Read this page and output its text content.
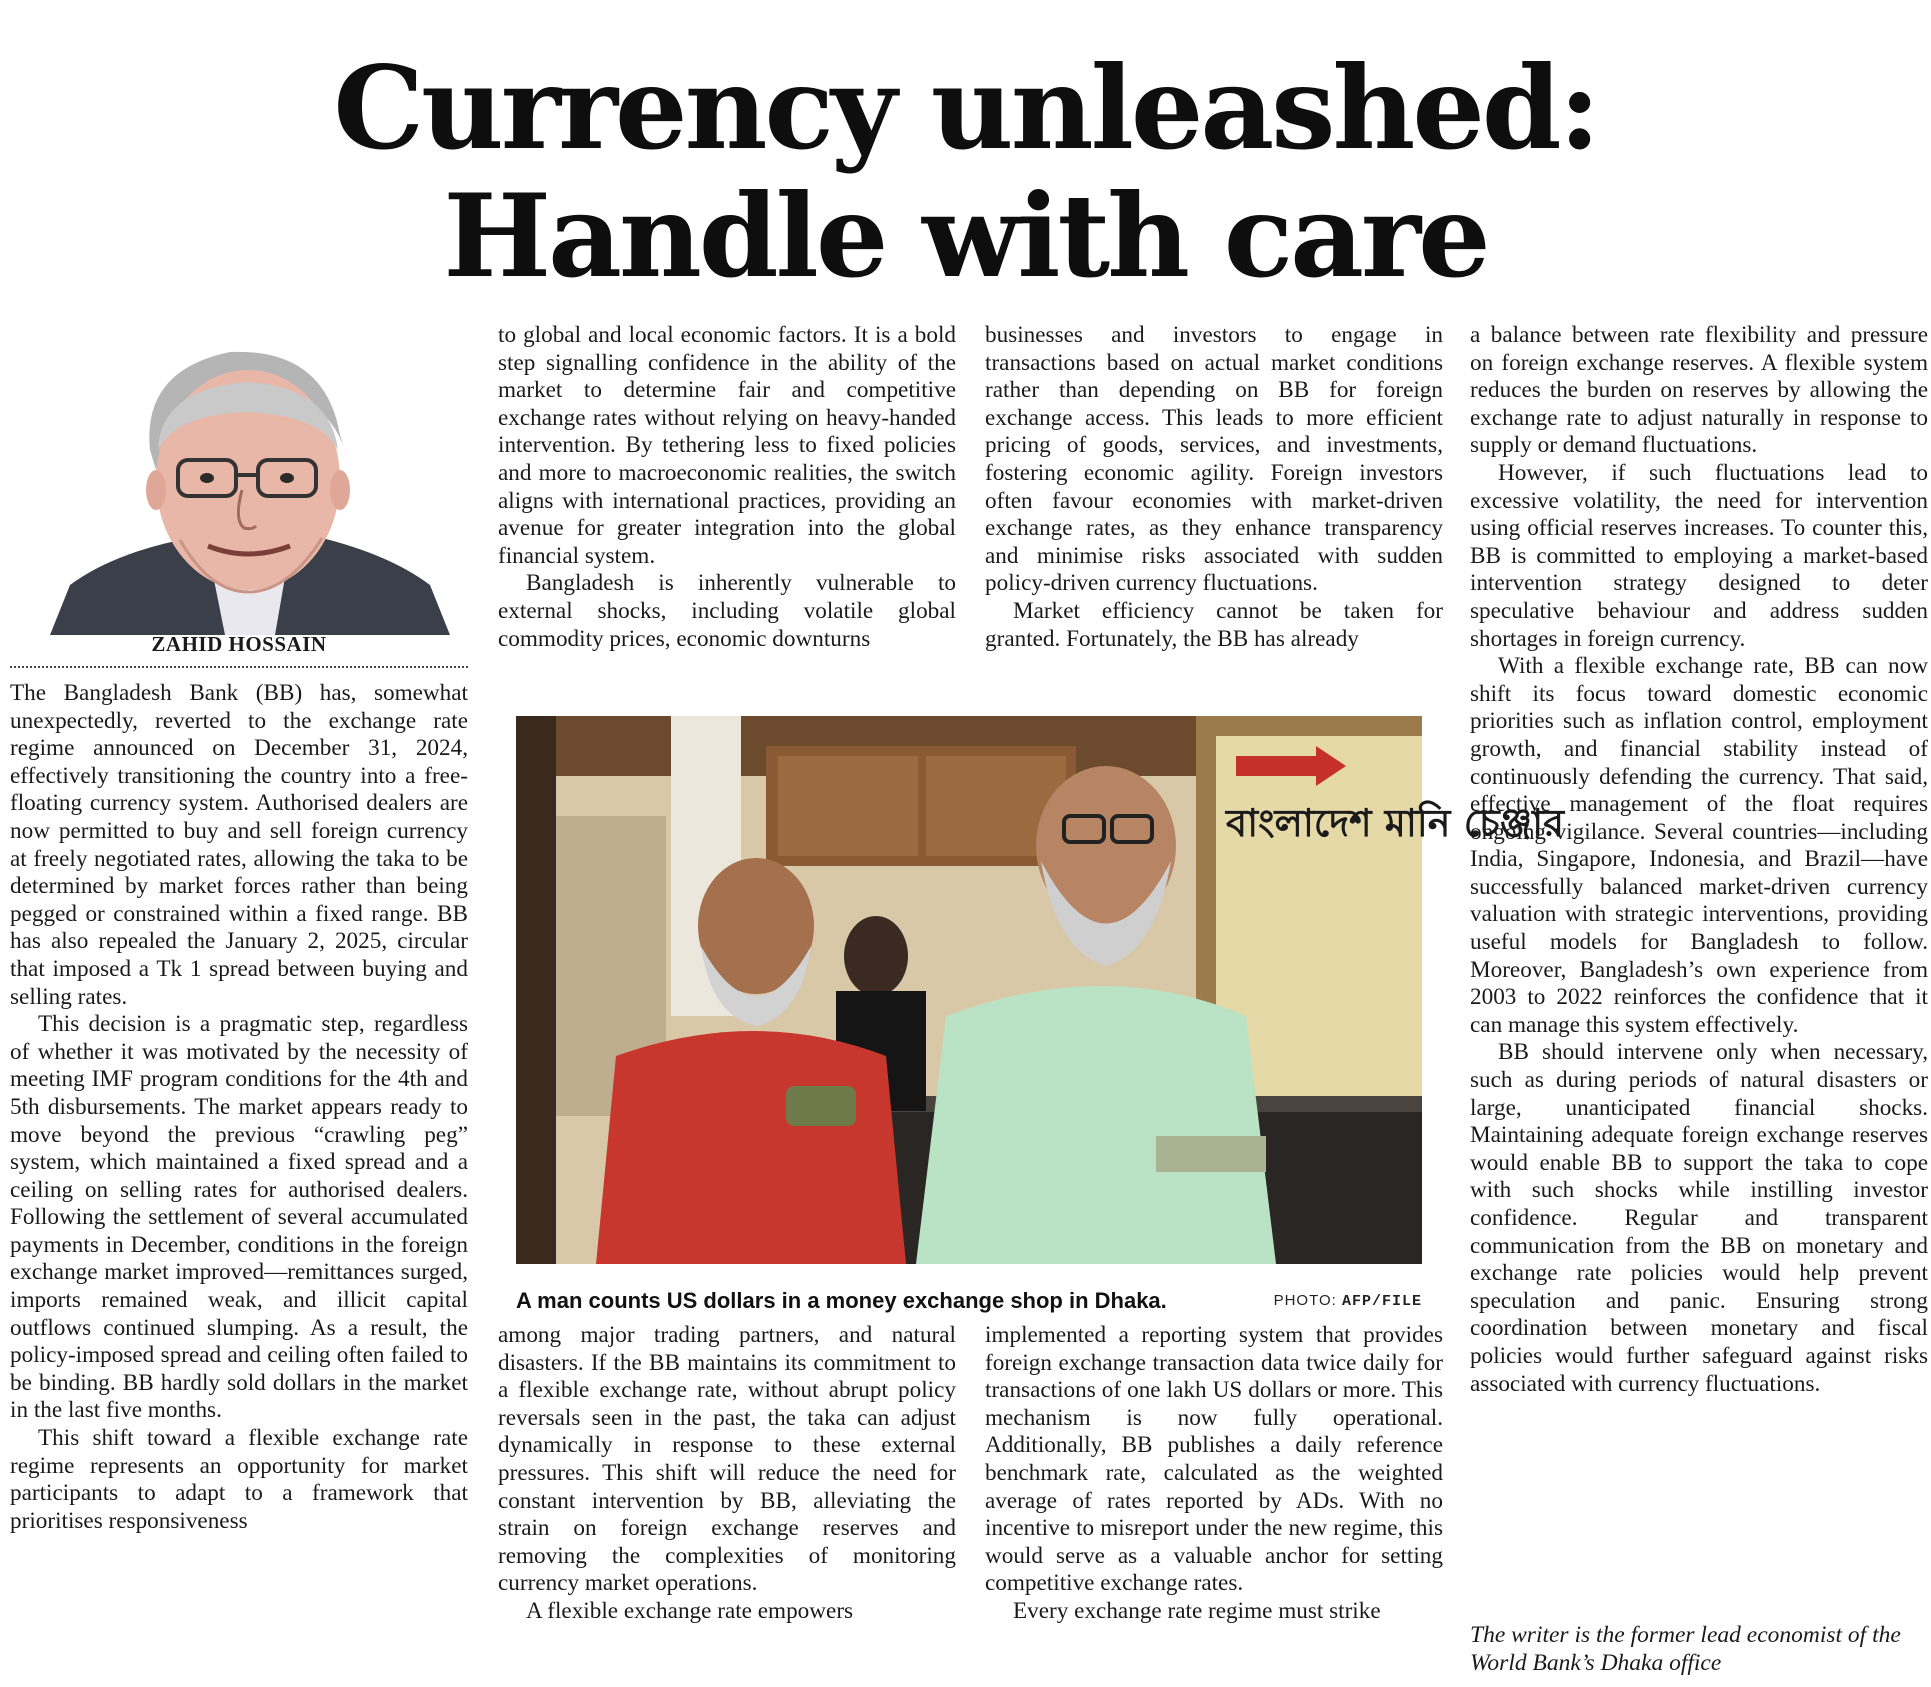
Currency unleashed:
Handle with care
ZAHID HOSSAIN

The Bangladesh Bank (BB) has, somewhat unexpectedly, reverted to the exchange rate regime announced on December 31, 2024, effectively transitioning the country into a free-floating currency system. Authorised dealers are now permitted to buy and sell foreign currency at freely negotiated rates, allowing the taka to be determined by market forces rather than being pegged or constrained within a fixed range. BB has also repealed the January 2, 2025, circular that imposed a Tk 1 spread between buying and selling rates.

This decision is a pragmatic step, regardless of whether it was motivated by the necessity of meeting IMF program conditions for the 4th and 5th disbursements. The market appears ready to move beyond the previous “crawling peg” system, which maintained a fixed spread and a ceiling on selling rates for authorised dealers. Following the settlement of several accumulated payments in December, conditions in the foreign exchange market improved—remittances surged, imports remained weak, and illicit capital outflows continued slumping. As a result, the policy-imposed spread and ceiling often failed to be binding. BB hardly sold dollars in the market in the last five months.

This shift toward a flexible exchange rate regime represents an opportunity for market participants to adapt to a framework that prioritises responsiveness

to global and local economic factors. It is a bold step signalling confidence in the ability of the market to determine fair and competitive exchange rates without relying on heavy-handed intervention. By tethering less to fixed policies and more to macroeconomic realities, the switch aligns with international practices, providing an avenue for greater integration into the global financial system.

Bangladesh is inherently vulnerable to external shocks, including volatile global commodity prices, economic downturns

businesses and investors to engage in transactions based on actual market conditions rather than depending on BB for foreign exchange access. This leads to more efficient pricing of goods, services, and investments, fostering economic agility. Foreign investors often favour economies with market-driven exchange rates, as they enhance transparency and minimise risks associated with sudden policy-driven currency fluctuations.

Market efficiency cannot be taken for granted. Fortunately, the BB has already

বাংলাদেশ মানি চেঞ্জার
A man counts US dollars in a money exchange shop in Dhaka.	PHOTO: AFP/FILE

among major trading partners, and natural disasters. If the BB maintains its commitment to a flexible exchange rate, without abrupt policy reversals seen in the past, the taka can adjust dynamically in response to these external pressures. This shift will reduce the need for constant intervention by BB, alleviating the strain on foreign exchange reserves and removing the complexities of monitoring currency market operations.

A flexible exchange rate empowers

implemented a reporting system that provides foreign exchange transaction data twice daily for transactions of one lakh US dollars or more. This mechanism is now fully operational. Additionally, BB publishes a daily reference benchmark rate, calculated as the weighted average of rates reported by ADs. With no incentive to misreport under the new regime, this would serve as a valuable anchor for setting competitive exchange rates.

Every exchange rate regime must strike

a balance between rate flexibility and pressure on foreign exchange reserves. A flexible system reduces the burden on reserves by allowing the exchange rate to adjust naturally in response to supply or demand fluctuations.

However, if such fluctuations lead to excessive volatility, the need for intervention using official reserves increases. To counter this, BB is committed to employing a market-based intervention strategy designed to deter speculative behaviour and address sudden shortages in foreign currency.

With a flexible exchange rate, BB can now shift its focus toward domestic economic priorities such as inflation control, employment growth, and financial stability instead of continuously defending the currency. That said, effective management of the float requires ongoing vigilance. Several countries—including India, Singapore, Indonesia, and Brazil—have successfully balanced market-driven currency valuation with strategic interventions, providing useful models for Bangladesh to follow. Moreover, Bangladesh’s own experience from 2003 to 2022 reinforces the confidence that it can manage this system effectively.

BB should intervene only when necessary, such as during periods of natural disasters or large, unanticipated financial shocks. Maintaining adequate foreign exchange reserves would enable BB to support the taka to cope with such shocks while instilling investor confidence. Regular and transparent communication from the BB on monetary and exchange rate policies would help prevent speculation and panic. Ensuring strong coordination between monetary and fiscal policies would further safeguard against risks associated with currency fluctuations.

The writer is the former lead economist of the World Bank’s Dhaka office
